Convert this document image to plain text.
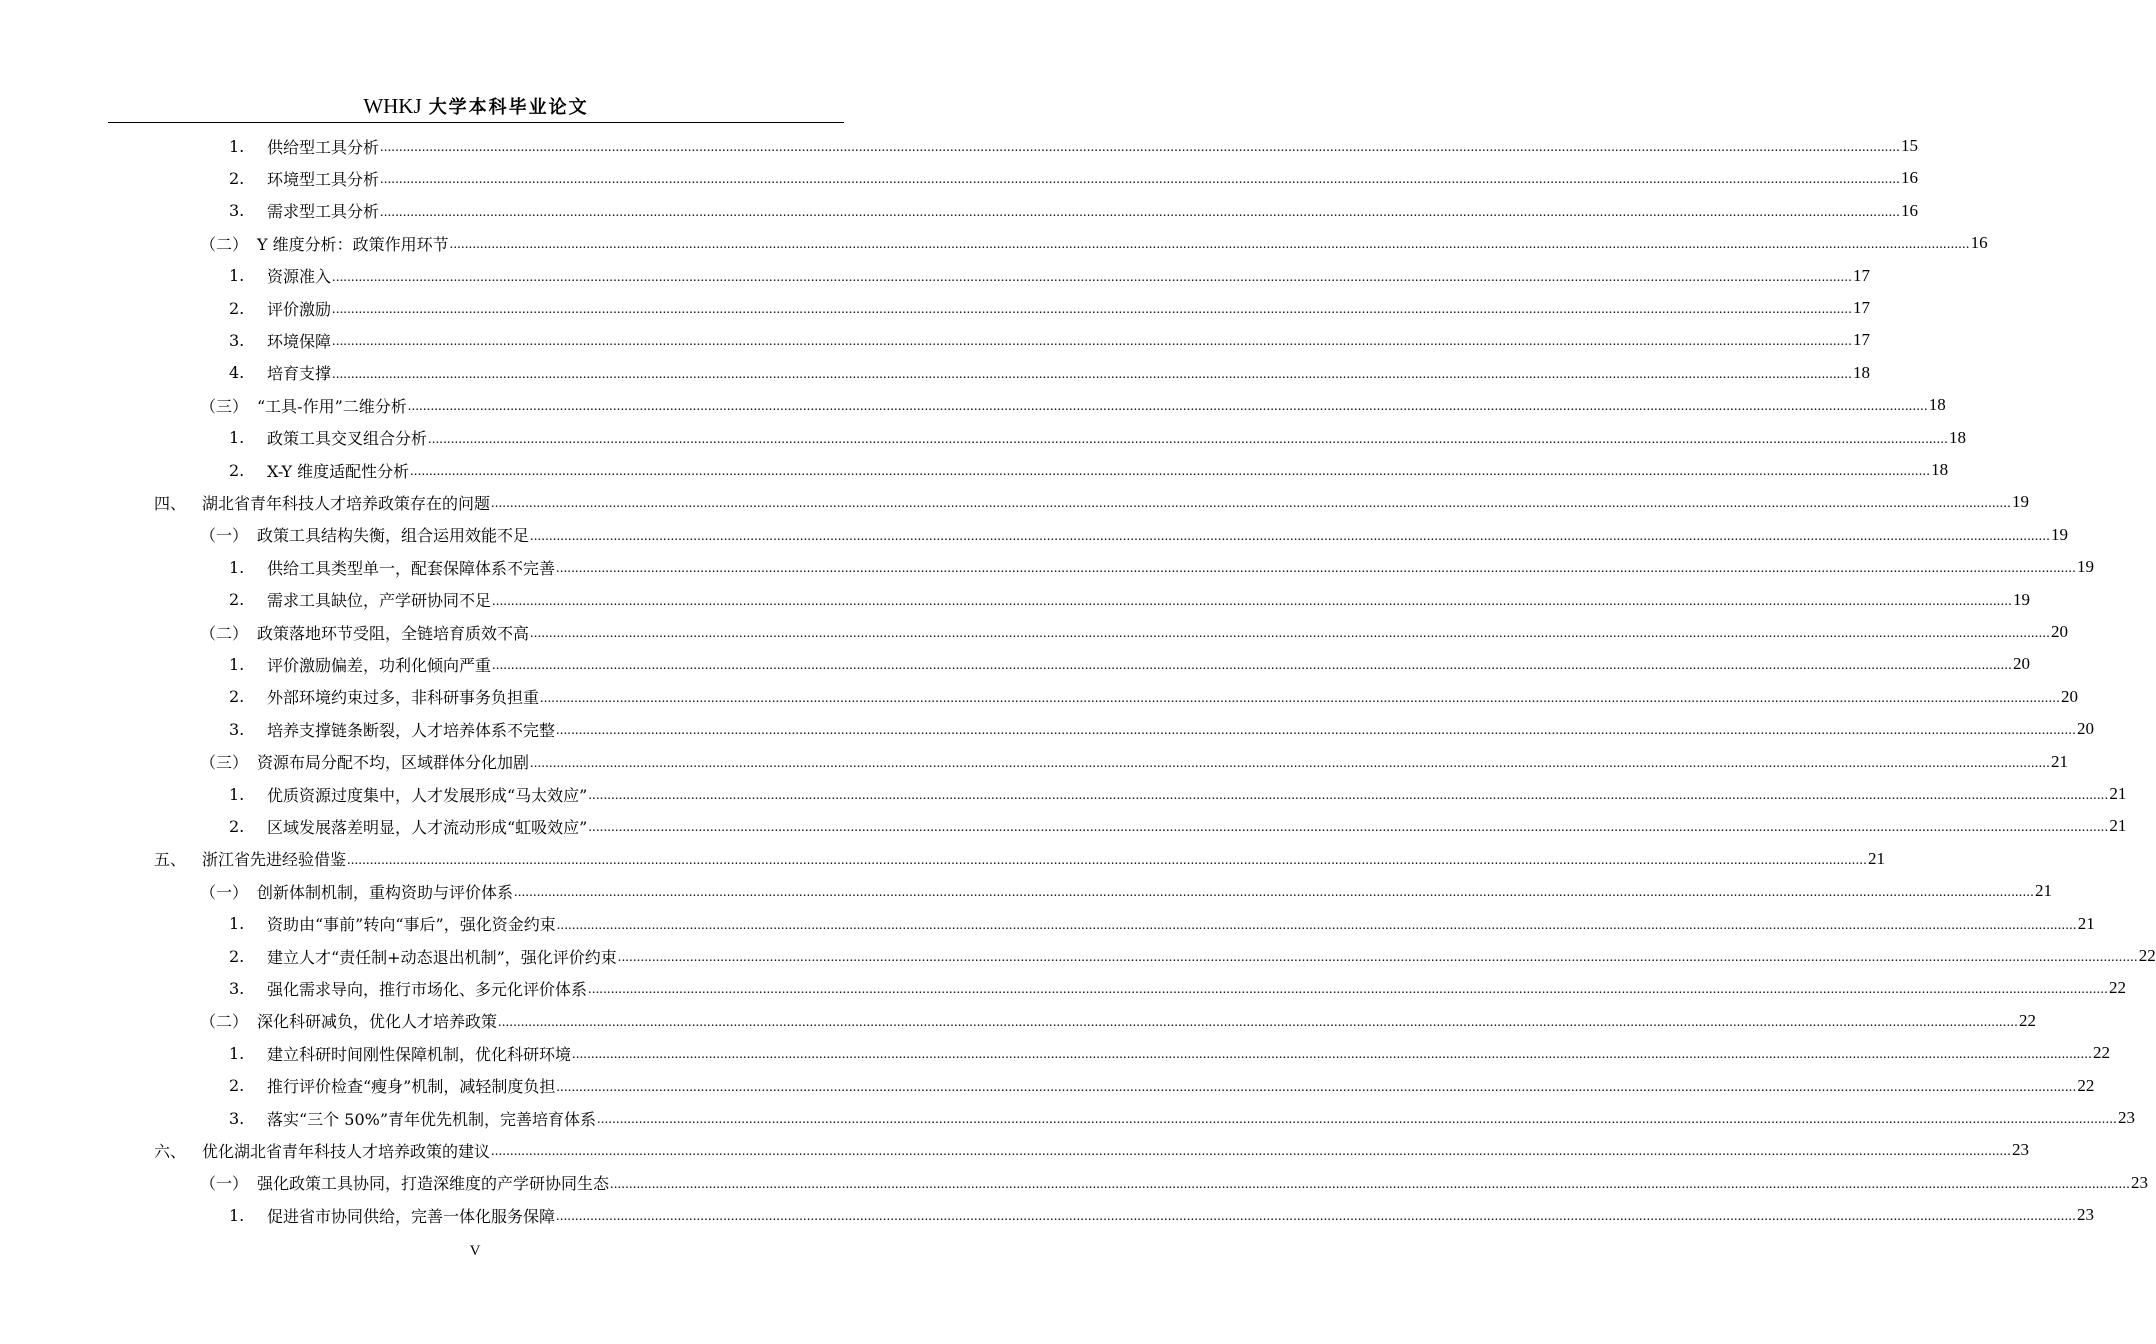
WHKJ 大学本科毕业论文
1.	供给型工具分析 ................................................................................................................................................................................................................................................................................................................................................................................................................ 15
2.	环境型工具分析 ................................................................................................................................................................................................................................................................................................................................................................................................................ 16
3.	需求型工具分析 ................................................................................................................................................................................................................................................................................................................................................................................................................ 16
（二） Y 维度分析：政策作用环节 ................................................................................................................................................................................................................................................................................................................................................................................................................ 16
1.	资源准入 ................................................................................................................................................................................................................................................................................................................................................................................................................ 17
2.	评价激励 ................................................................................................................................................................................................................................................................................................................................................................................................................ 17
3.	环境保障 ................................................................................................................................................................................................................................................................................................................................................................................................................ 17
4.	培育支撑 ................................................................................................................................................................................................................................................................................................................................................................................................................ 18
（三） “工具-作用”二维分析 ................................................................................................................................................................................................................................................................................................................................................................................................................ 18
1.	政策工具交叉组合分析 ................................................................................................................................................................................................................................................................................................................................................................................................................ 18
2.	X-Y 维度适配性分析 ................................................................................................................................................................................................................................................................................................................................................................................................................ 18
四、 湖北省青年科技人才培养政策存在的问题 ................................................................................................................................................................................................................................................................................................................................................................................................................ 19
（一） 政策工具结构失衡，组合运用效能不足 ................................................................................................................................................................................................................................................................................................................................................................................................................ 19
1.	供给工具类型单一，配套保障体系不完善 ................................................................................................................................................................................................................................................................................................................................................................................................................ 19
2.	需求工具缺位，产学研协同不足 ................................................................................................................................................................................................................................................................................................................................................................................................................ 19
（二） 政策落地环节受阻，全链培育质效不高 ................................................................................................................................................................................................................................................................................................................................................................................................................ 20
1.	评价激励偏差，功利化倾向严重 ................................................................................................................................................................................................................................................................................................................................................................................................................ 20
2.	外部环境约束过多，非科研事务负担重 ................................................................................................................................................................................................................................................................................................................................................................................................................ 20
3.	培养支撑链条断裂，人才培养体系不完整 ................................................................................................................................................................................................................................................................................................................................................................................................................ 20
（三） 资源布局分配不均，区域群体分化加剧 ................................................................................................................................................................................................................................................................................................................................................................................................................ 21
1.	优质资源过度集中，人才发展形成“马太效应” ................................................................................................................................................................................................................................................................................................................................................................................................................ 21
2.	区域发展落差明显，人才流动形成“虹吸效应” ................................................................................................................................................................................................................................................................................................................................................................................................................ 21
五、 浙江省先进经验借鉴 ................................................................................................................................................................................................................................................................................................................................................................................................................ 21
（一） 创新体制机制，重构资助与评价体系 ................................................................................................................................................................................................................................................................................................................................................................................................................ 21
1.	资助由“事前”转向“事后”，强化资金约束 ................................................................................................................................................................................................................................................................................................................................................................................................................ 21
2.	建立人才“责任制+动态退出机制”，强化评价约束 ................................................................................................................................................................................................................................................................................................................................................................................................................ 22
3.	强化需求导向，推行市场化、多元化评价体系 ................................................................................................................................................................................................................................................................................................................................................................................................................ 22
（二） 深化科研减负，优化人才培养政策 ................................................................................................................................................................................................................................................................................................................................................................................................................ 22
1.	建立科研时间刚性保障机制，优化科研环境 ................................................................................................................................................................................................................................................................................................................................................................................................................ 22
2.	推行评价检查“瘦身”机制，减轻制度负担 ................................................................................................................................................................................................................................................................................................................................................................................................................ 22
3.	落实“三个 50%”青年优先机制，完善培育体系 ................................................................................................................................................................................................................................................................................................................................................................................................................ 23
六、 优化湖北省青年科技人才培养政策的建议 ................................................................................................................................................................................................................................................................................................................................................................................................................ 23
（一） 强化政策工具协同，打造深维度的产学研协同生态 ................................................................................................................................................................................................................................................................................................................................................................................................................ 23
1.	促进省市协同供给，完善一体化服务保障 ................................................................................................................................................................................................................................................................................................................................................................................................................ 23
V
